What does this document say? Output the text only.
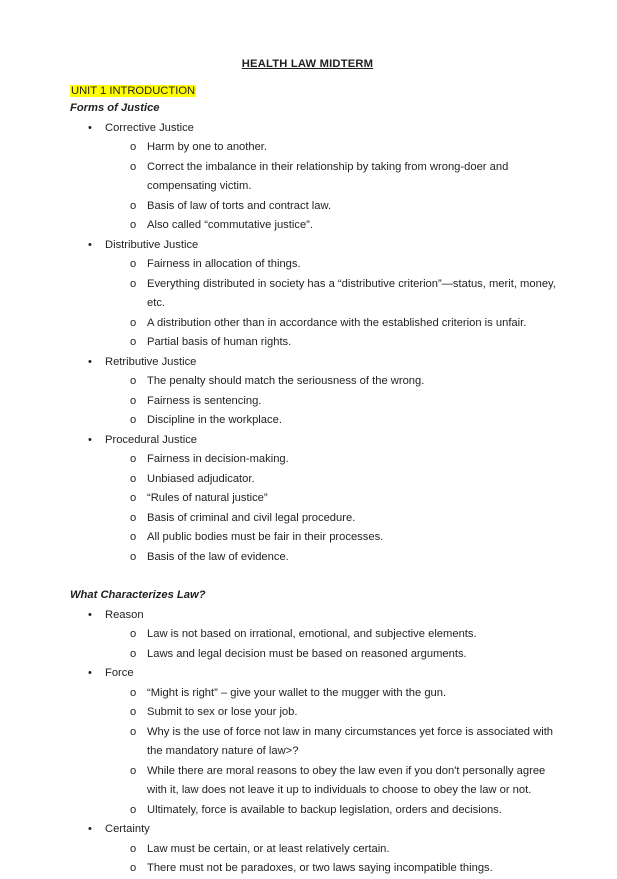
HEALTH LAW MIDTERM
UNIT 1 INTRODUCTION
Forms of Justice
• Corrective Justice
o Harm by one to another.
o Correct the imbalance in their relationship by taking from wrong-doer and compensating victim.
o Basis of law of torts and contract law.
o Also called “commutative justice”.
• Distributive Justice
o Fairness in allocation of things.
o Everything distributed in society has a “distributive criterion”—status, merit, money, etc.
o A distribution other than in accordance with the established criterion is unfair.
o Partial basis of human rights.
• Retributive Justice
o The penalty should match the seriousness of the wrong.
o Fairness is sentencing.
o Discipline in the workplace.
• Procedural Justice
o Fairness in decision-making.
o Unbiased adjudicator.
o “Rules of natural justice”
o Basis of criminal and civil legal procedure.
o All public bodies must be fair in their processes.
o Basis of the law of evidence.
What Characterizes Law?
• Reason
o Law is not based on irrational, emotional, and subjective elements.
o Laws and legal decision must be based on reasoned arguments.
• Force
o “Might is right” – give your wallet to the mugger with the gun.
o Submit to sex or lose your job.
o Why is the use of force not law in many circumstances yet force is associated with the mandatory nature of law>?
o While there are moral reasons to obey the law even if you don't personally agree with it, law does not leave it up to individuals to choose to obey the law or not.
o Ultimately, force is available to backup legislation, orders and decisions.
• Certainty
o Law must be certain, or at least relatively certain.
o There must not be paradoxes, or two laws saying incompatible things.
